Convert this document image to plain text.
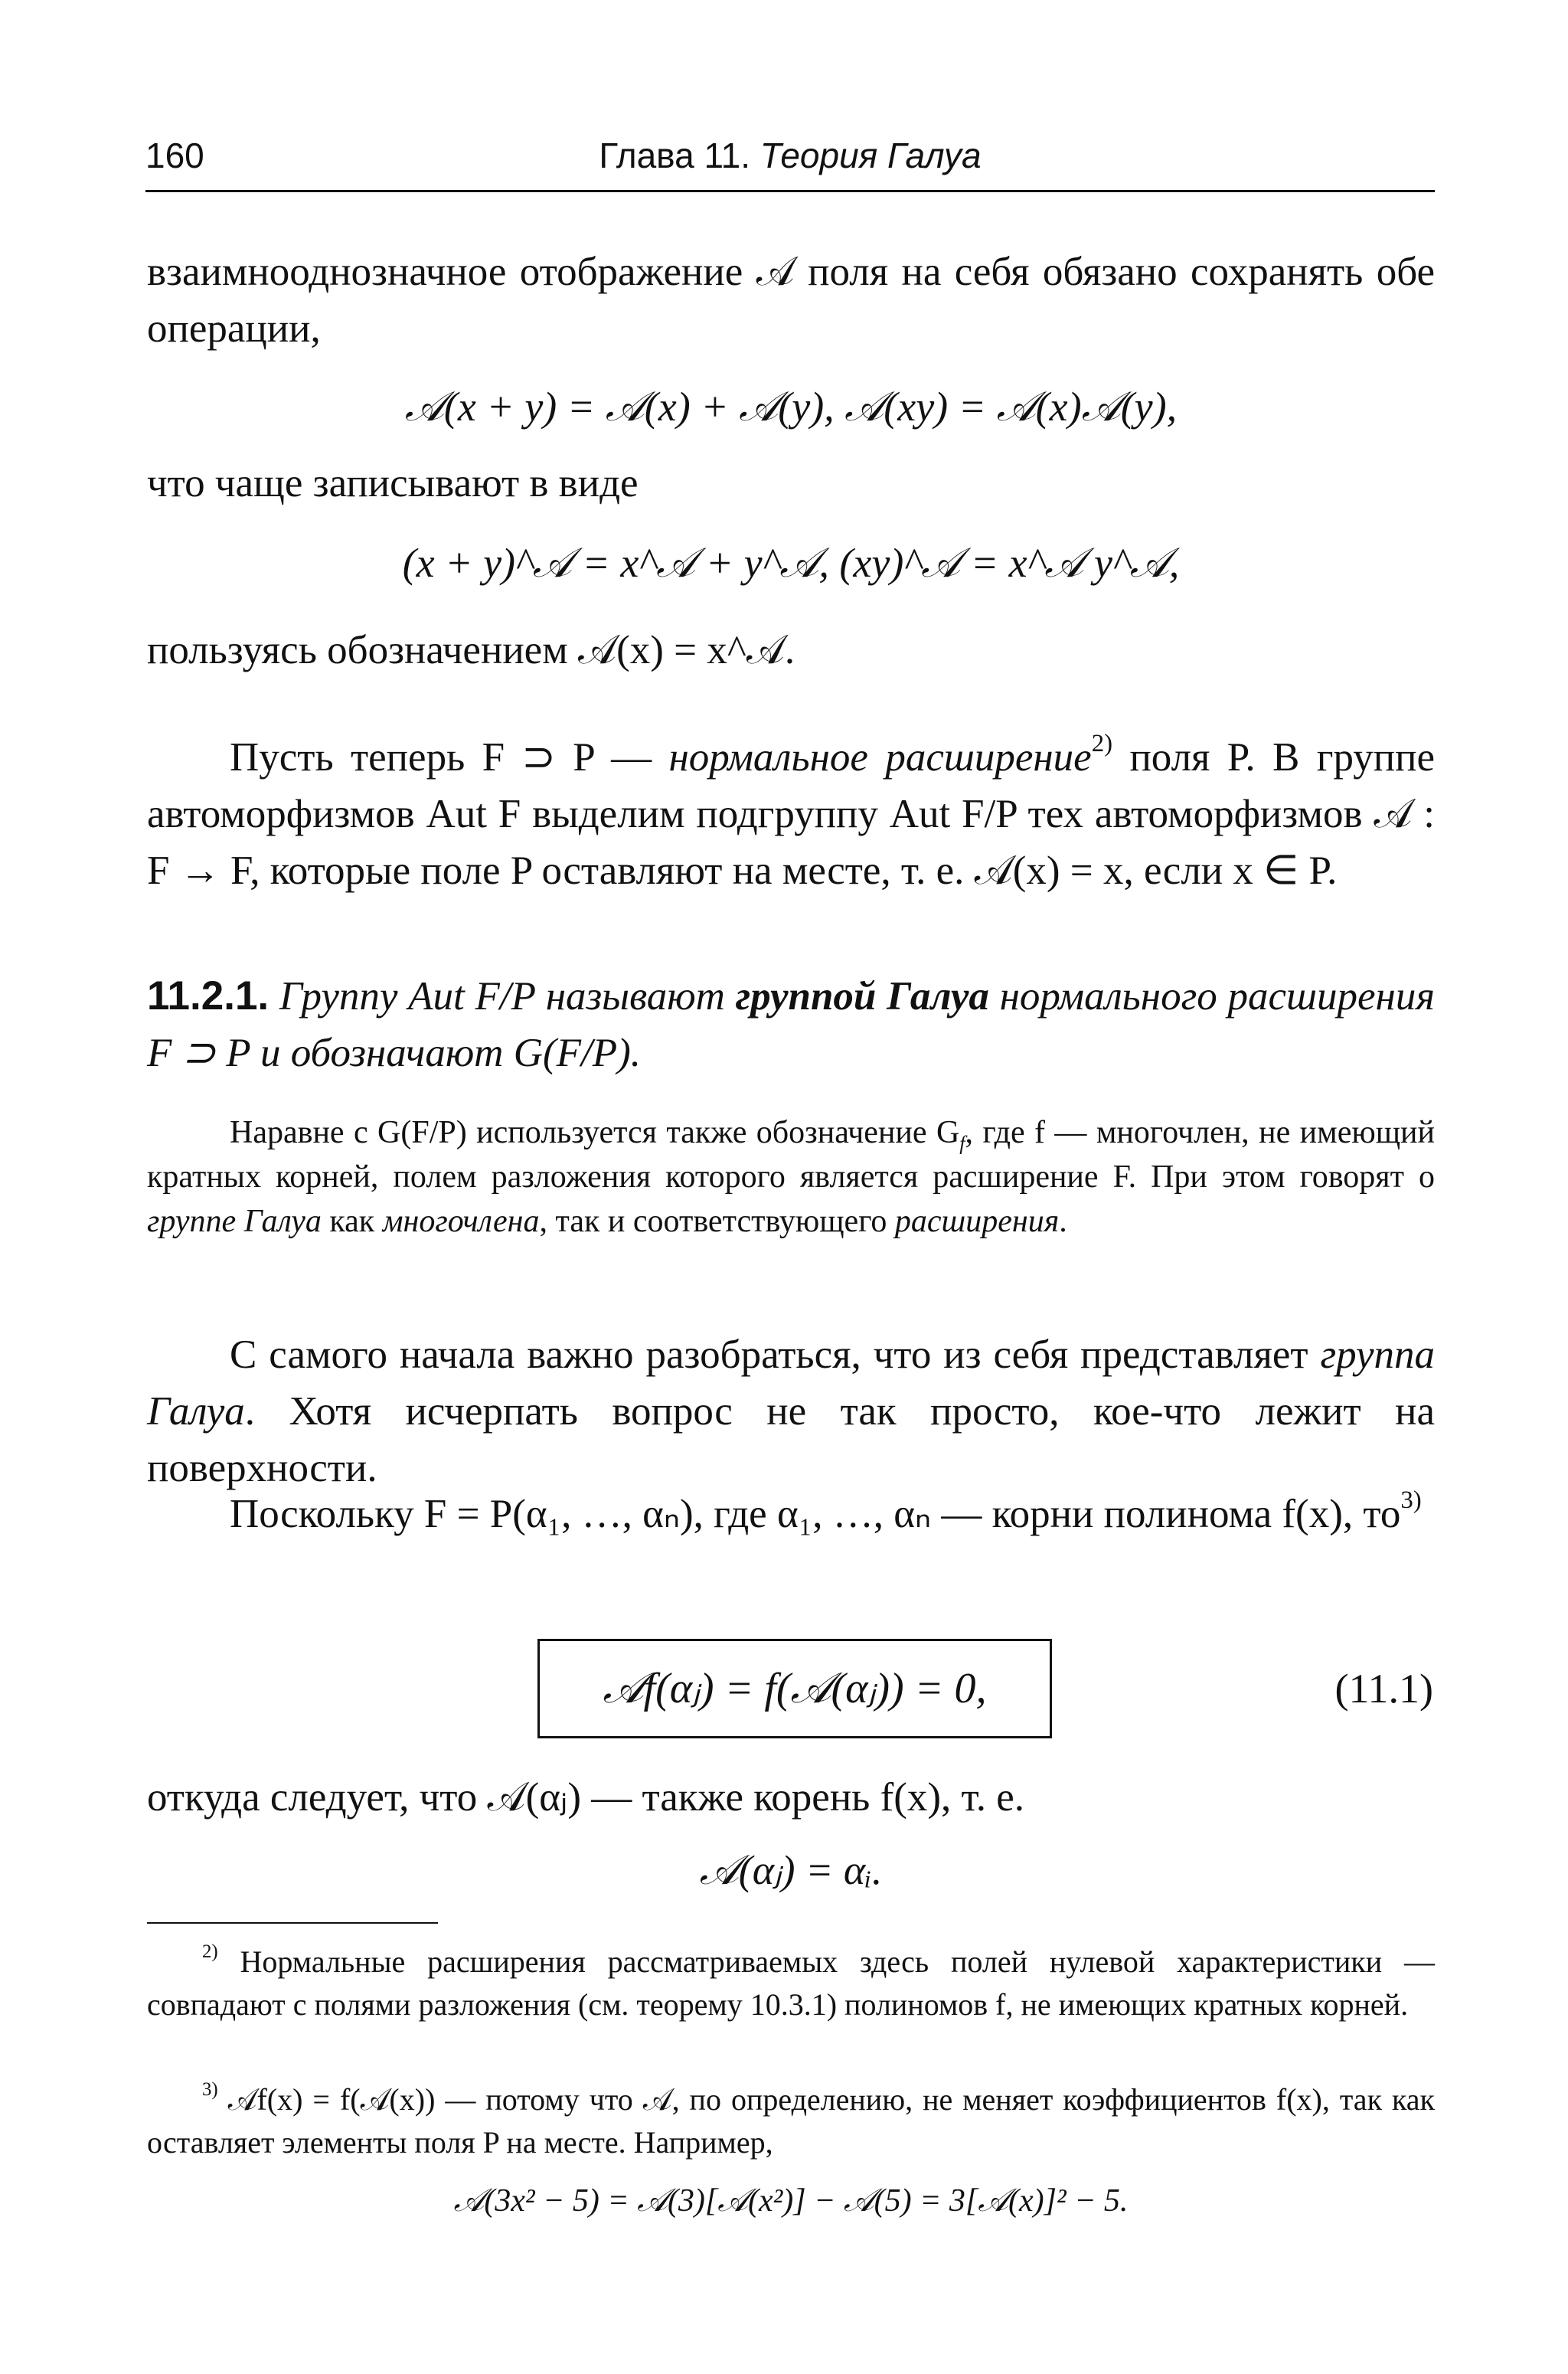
160	Глава 11. Теория Галуа

взаимнооднозначное отображение 𝒜 поля на себя обязано сохранять обе операции,

𝒜(x + y) = 𝒜(x) + 𝒜(y), 𝒜(xy) = 𝒜(x)𝒜(y),

что чаще записывают в виде

(x + y)^𝒜 = x^𝒜 + y^𝒜, (xy)^𝒜 = x^𝒜 y^𝒜,

пользуясь обозначением 𝒜(x) = x^𝒜.

Пусть теперь F ⊃ P — нормальное расширение$^{2)}$ поля P. В группе автоморфизмов Aut F выделим подгруппу Aut F/P тех автоморфизмов 𝒜 : F → F, которые поле P оставляют на месте, т. е. 𝒜(x) = x, если x ∈ P.

11.2.1. Группу Aut F/P называют группой Галуа нормального расширения F ⊃ P и обозначают G(F/P).

Наравне с G(F/P) используется также обозначение $G_f$, где f — многочлен, не имеющий кратных корней, полем разложения которого является расширение F. При этом говорят о группе Галуа как многочлена, так и соответствующего расширения.

С самого начала важно разобраться, что из себя представляет группа Галуа. Хотя исчерпать вопрос не так просто, кое-что лежит на поверхности.

Поскольку F = P(α₁, …, αₙ), где α₁, …, αₙ — корни полинома f(x), $то^{3)}$

𝒜f(αⱼ) = f(𝒜(αⱼ)) = 0,	(11.1)

откуда следует, что 𝒜(αⱼ) — также корень f(x), т. е.

𝒜(αⱼ) = αᵢ.

$^{2)}$ Нормальные расширения рассматриваемых здесь полей нулевой характеристики — совпадают с полями разложения (см. теорему 10.3.1) полиномов f, не имеющих кратных корней.

$^{3)}$ 𝒜f(x) = f(𝒜(x)) — потому что 𝒜, по определению, не меняет коэффициентов f(x), так как оставляет элементы поля P на месте. Например,

𝒜(3x² − 5) = 𝒜(3)[𝒜(x²)] − 𝒜(5) = 3[𝒜(x)]² − 5.
